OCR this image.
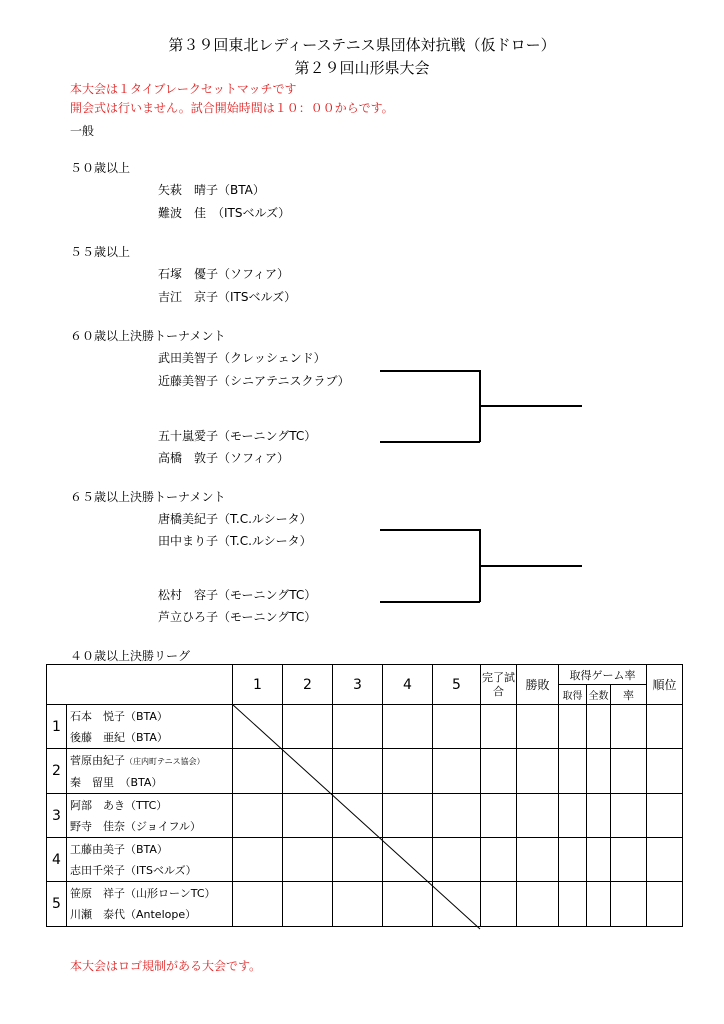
第３９回東北レディーステニス県団体対抗戦（仮ドロー）
第２９回山形県大会
本大会は１タイブレークセットマッチです
開会式は行いません。試合開始時間は１０：００からです。
一般
５０歳以上
矢萩　晴子（BTA）
難波　佳　（ITSベルズ）
５５歳以上
石塚　優子（ソフィア）
吉江　京子（ITSベルズ）
６０歳以上決勝トーナメント
武田美智子（クレッシェンド）
近藤美智子（シニアテニスクラブ）
五十嵐愛子（モーニングTC）
高橋　敦子（ソフィア）
６５歳以上決勝トーナメント
唐橋美紀子（T.C.ルシータ）
田中まり子（T.C.ルシータ）
松村　容子（モーニングTC）
芦立ひろ子（モーニングTC）
４０歳以上決勝リーグ
		1	2	3	4	5	完了試合	勝敗	取得ゲーム率			順位
									取得	全数	率	
1	石本　悦子（BTA）
後藤　亜紀（BTA）											

2	菅原由紀子（庄内町テニス協会）
秦　留里　（BTA）											

3	阿部　あき（TTC）
野寺　佳奈（ジョイフル）											

4	工藤由美子（BTA）
志田千栄子（ITSベルズ）											

5	笹原　祥子（山形ローンTC）
川瀬　泰代（Antelope）											

本大会はロゴ規制がある大会です。
